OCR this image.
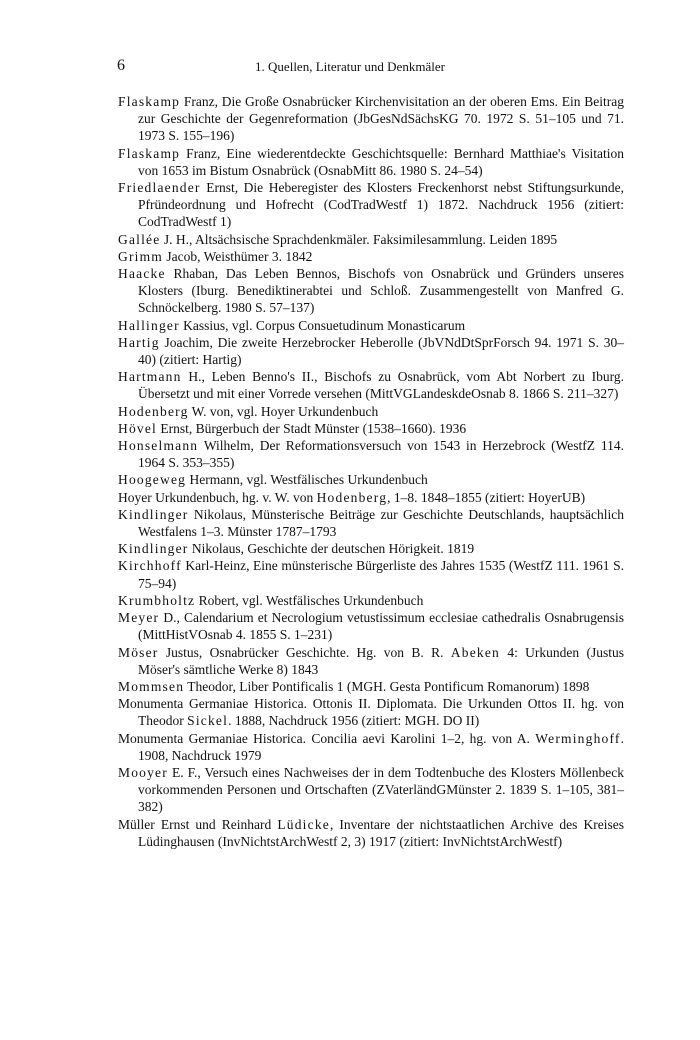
6	1. Quellen, Literatur und Denkmäler
Flaskamp Franz, Die Große Osnabrücker Kirchenvisitation an der oberen Ems. Ein Beitrag zur Geschichte der Gegenreformation (JbGesNdSächsKG 70. 1972 S. 51–105 und 71. 1973 S. 155–196)
Flaskamp Franz, Eine wiederentdeckte Geschichtsquelle: Bernhard Matthiae's Visitation von 1653 im Bistum Osnabrück (OsnabMitt 86. 1980 S. 24–54)
Friedlaender Ernst, Die Heberegister des Klosters Freckenhorst nebst Stiftungsurkunde, Pfründeordnung und Hofrecht (CodTradWestf 1) 1872. Nachdruck 1956 (zitiert: CodTradWestf 1)
Gallée J. H., Altsächsische Sprachdenkmäler. Faksimilesammlung. Leiden 1895
Grimm Jacob, Weisthümer 3. 1842
Haacke Rhaban, Das Leben Bennos, Bischofs von Osnabrück und Gründers unseres Klosters (Iburg. Benediktinerabtei und Schloß. Zusammengestellt von Manfred G. Schnöckelberg. 1980 S. 57–137)
Hallinger Kassius, vgl. Corpus Consuetudinum Monasticarum
Hartig Joachim, Die zweite Herzebrocker Heberolle (JbVNdDtSprForsch 94. 1971 S. 30–40) (zitiert: Hartig)
Hartmann H., Leben Benno's II., Bischofs zu Osnabrück, vom Abt Norbert zu Iburg. Übersetzt und mit einer Vorrede versehen (MittVGLandeskdeOsnab 8. 1866 S. 211–327)
Hodenberg W. von, vgl. Hoyer Urkundenbuch
Hövel Ernst, Bürgerbuch der Stadt Münster (1538–1660). 1936
Honselmann Wilhelm, Der Reformationsversuch von 1543 in Herzebrock (WestfZ 114. 1964 S. 353–355)
Hoogeweg Hermann, vgl. Westfälisches Urkundenbuch
Hoyer Urkundenbuch, hg. v. W. von Hodenberg, 1–8. 1848–1855 (zitiert: HoyerUB)
Kindlinger Nikolaus, Münsterische Beiträge zur Geschichte Deutschlands, hauptsächlich Westfalens 1–3. Münster 1787–1793
Kindlinger Nikolaus, Geschichte der deutschen Hörigkeit. 1819
Kirchhoff Karl-Heinz, Eine münsterische Bürgerliste des Jahres 1535 (WestfZ 111. 1961 S. 75–94)
Krumbholtz Robert, vgl. Westfälisches Urkundenbuch
Meyer D., Calendarium et Necrologium vetustissimum ecclesiae cathedralis Osnabrugensis (MittHistVOsnab 4. 1855 S. 1–231)
Möser Justus, Osnabrücker Geschichte. Hg. von B. R. Abeken 4: Urkunden (Justus Möser's sämtliche Werke 8) 1843
Mommsen Theodor, Liber Pontificalis 1 (MGH. Gesta Pontificum Romanorum) 1898
Monumenta Germaniae Historica. Ottonis II. Diplomata. Die Urkunden Ottos II. hg. von Theodor Sickel. 1888, Nachdruck 1956 (zitiert: MGH. DO II)
Monumenta Germaniae Historica. Concilia aevi Karolini 1–2, hg. von A. Werminghoff. 1908, Nachdruck 1979
Mooyer E. F., Versuch eines Nachweises der in dem Todtenbuche des Klosters Möllenbeck vorkommenden Personen und Ortschaften (ZVaterländGMünster 2. 1839 S. 1–105, 381–382)
Müller Ernst und Reinhard Lüdicke, Inventare der nichtstaatlichen Archive des Kreises Lüdinghausen (InvNichtstArchWestf 2, 3) 1917 (zitiert: InvNichtstArchWestf)
